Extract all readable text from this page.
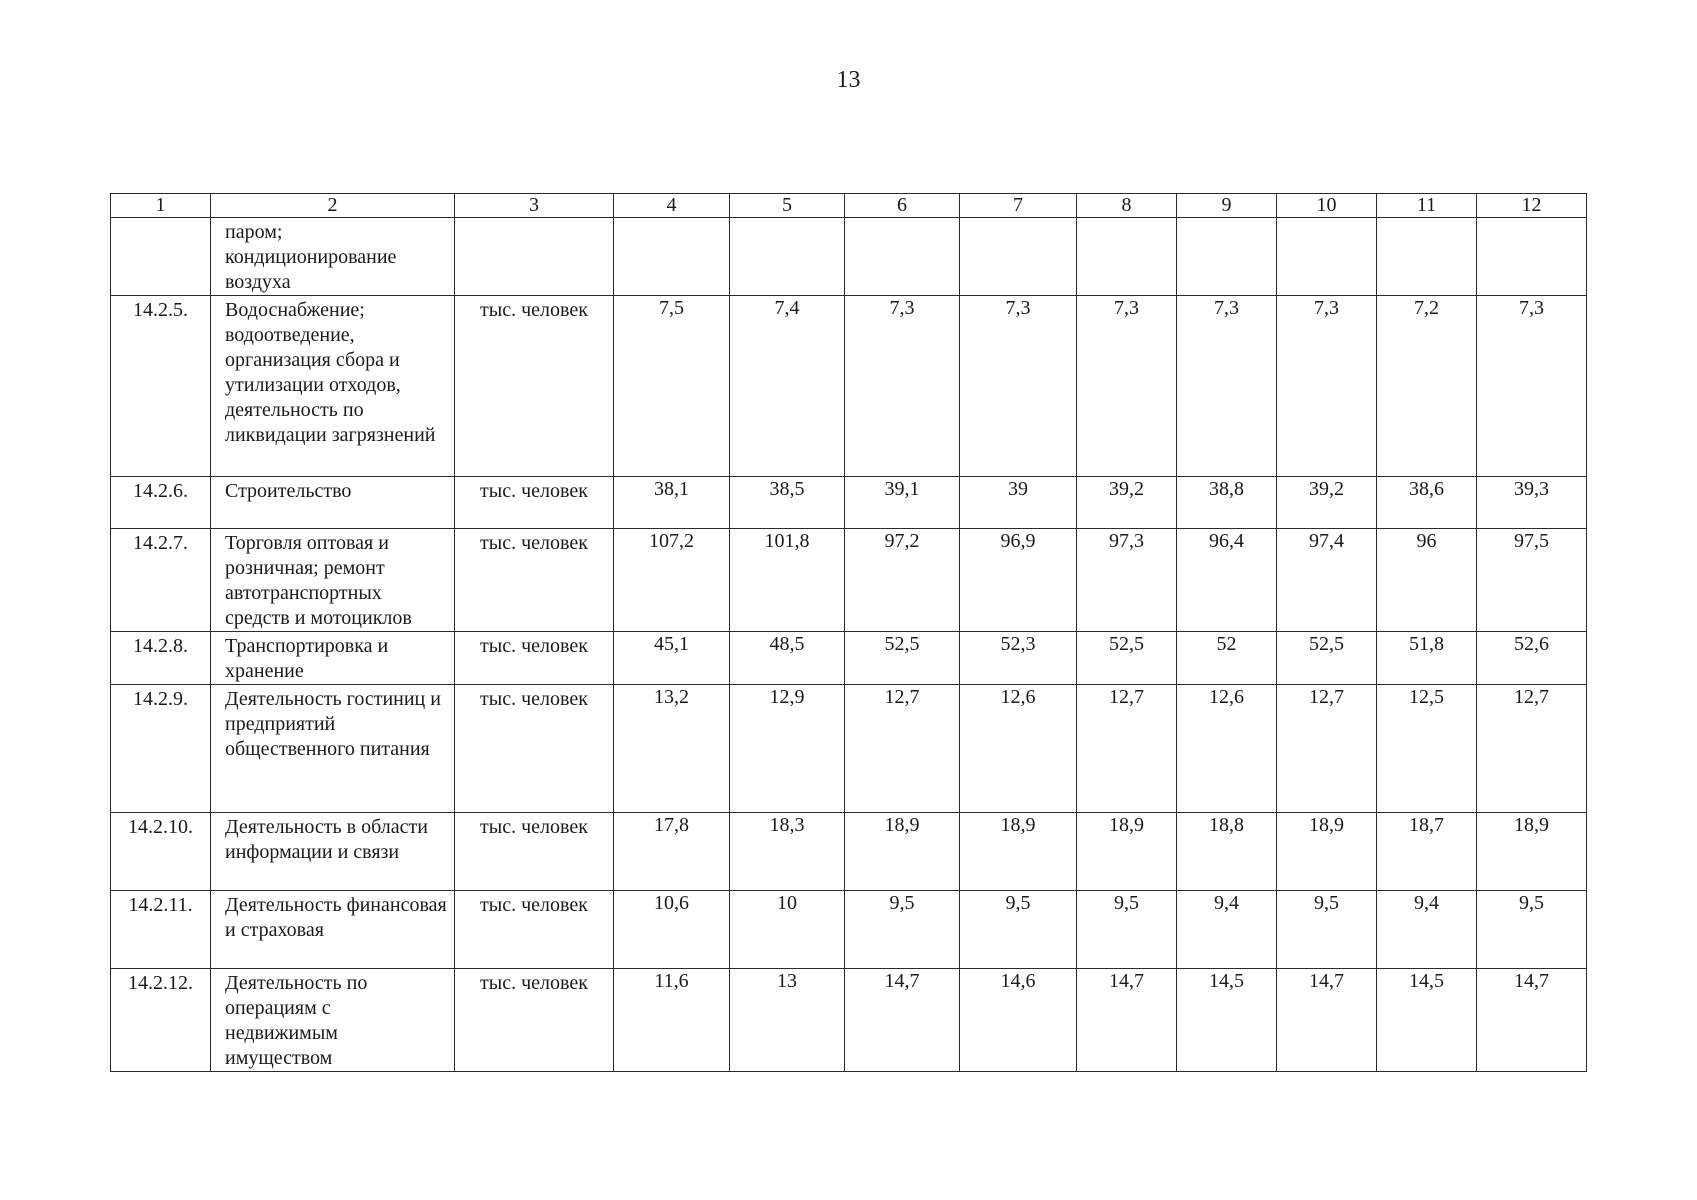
13
1	2	3	4	5	6	7	8	9	10	11	12
	паром; кондиционирование воздуха										
14.2.5.	Водоснабжение; водоотведение, организация сбора и утилизации отходов, деятельность по ликвидации загрязнений	тыс. человек	7,5	7,4	7,3	7,3	7,3	7,3	7,3	7,2	7,3
14.2.6.	Строительство	тыс. человек	38,1	38,5	39,1	39	39,2	38,8	39,2	38,6	39,3
14.2.7.	Торговля оптовая и розничная; ремонт автотранспортных средств и мотоциклов	тыс. человек	107,2	101,8	97,2	96,9	97,3	96,4	97,4	96	97,5
14.2.8.	Транспортировка и хранение	тыс. человек	45,1	48,5	52,5	52,3	52,5	52	52,5	51,8	52,6
14.2.9.	Деятельность гостиниц и предприятий общественного питания	тыс. человек	13,2	12,9	12,7	12,6	12,7	12,6	12,7	12,5	12,7
14.2.10.	Деятельность в области информации и связи	тыс. человек	17,8	18,3	18,9	18,9	18,9	18,8	18,9	18,7	18,9
14.2.11.	Деятельность финансовая и страховая	тыс. человек	10,6	10	9,5	9,5	9,5	9,4	9,5	9,4	9,5
14.2.12.	Деятельность по операциям с недвижимым имуществом	тыс. человек	11,6	13	14,7	14,6	14,7	14,5	14,7	14,5	14,7
